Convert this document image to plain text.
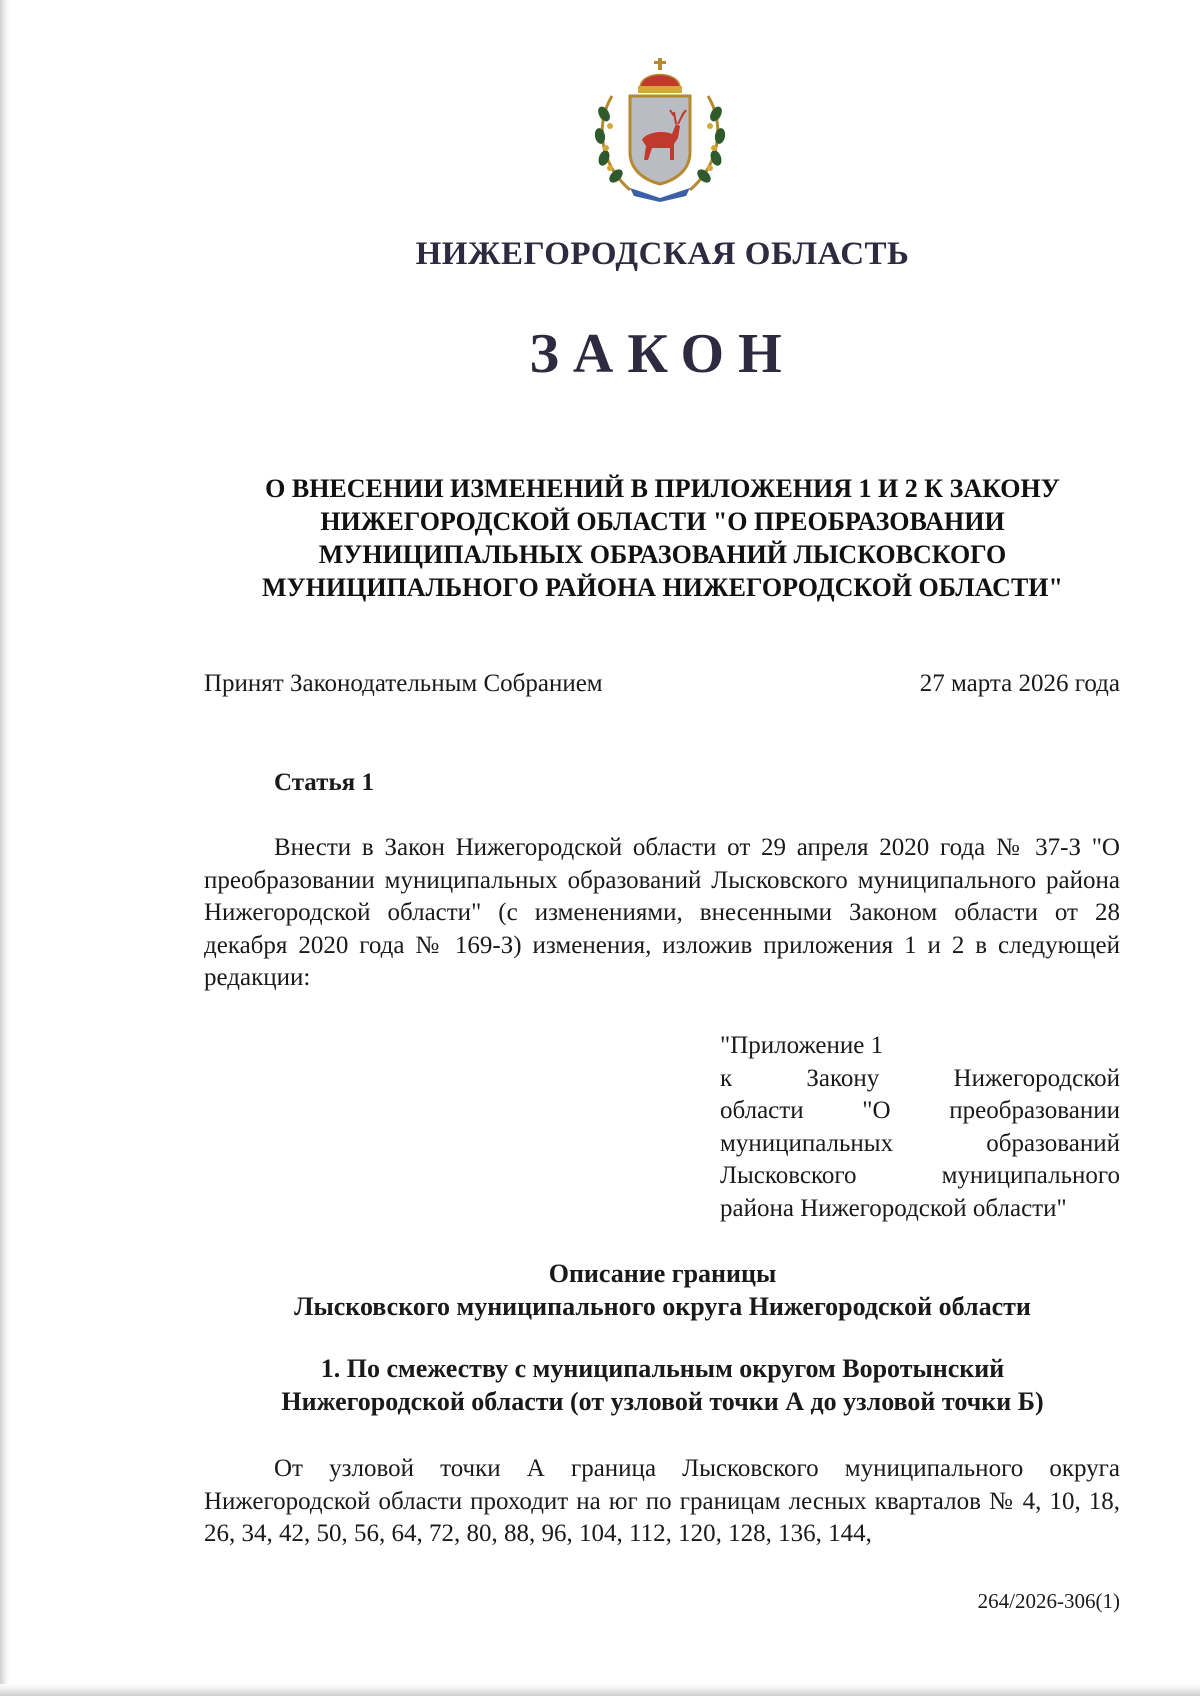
НИЖЕГОРОДСКАЯ ОБЛАСТЬ
ЗАКОН
О ВНЕСЕНИИ ИЗМЕНЕНИЙ В ПРИЛОЖЕНИЯ 1 И 2 К ЗАКОНУ НИЖЕГОРОДСКОЙ ОБЛАСТИ "О ПРЕОБРАЗОВАНИИ МУНИЦИПАЛЬНЫХ ОБРАЗОВАНИЙ ЛЫСКОВСКОГО МУНИЦИПАЛЬНОГО РАЙОНА НИЖЕГОРОДСКОЙ ОБЛАСТИ"
Принят Законодательным Собранием	27 марта 2026 года
Статья 1

Внести в Закон Нижегородской области от 29 апреля 2020 года № 37-З "О преобразовании муниципальных образований Лысковского муниципального района Нижегородской области" (с изменениями, внесенными Законом области от 28 декабря 2020 года № 169-З) изменения, изложив приложения 1 и 2 в следующей редакции:

"Приложение 1
к Закону Нижегородской
области "О преобразовании
муниципальных образований
Лысковского муниципального
района Нижегородской области"
Описание границы
Лысковского муниципального округа Нижегородской области
1. По смежеству с муниципальным округом Воротынский
Нижегородской области (от узловой точки А до узловой точки Б)

От узловой точки А граница Лысковского муниципального округа Нижегородской области проходит на юг по границам лесных кварталов № 4, 10, 18, 26, 34, 42, 50, 56, 64, 72, 80, 88, 96, 104, 112, 120, 128, 136, 144,

264/2026-306(1)
